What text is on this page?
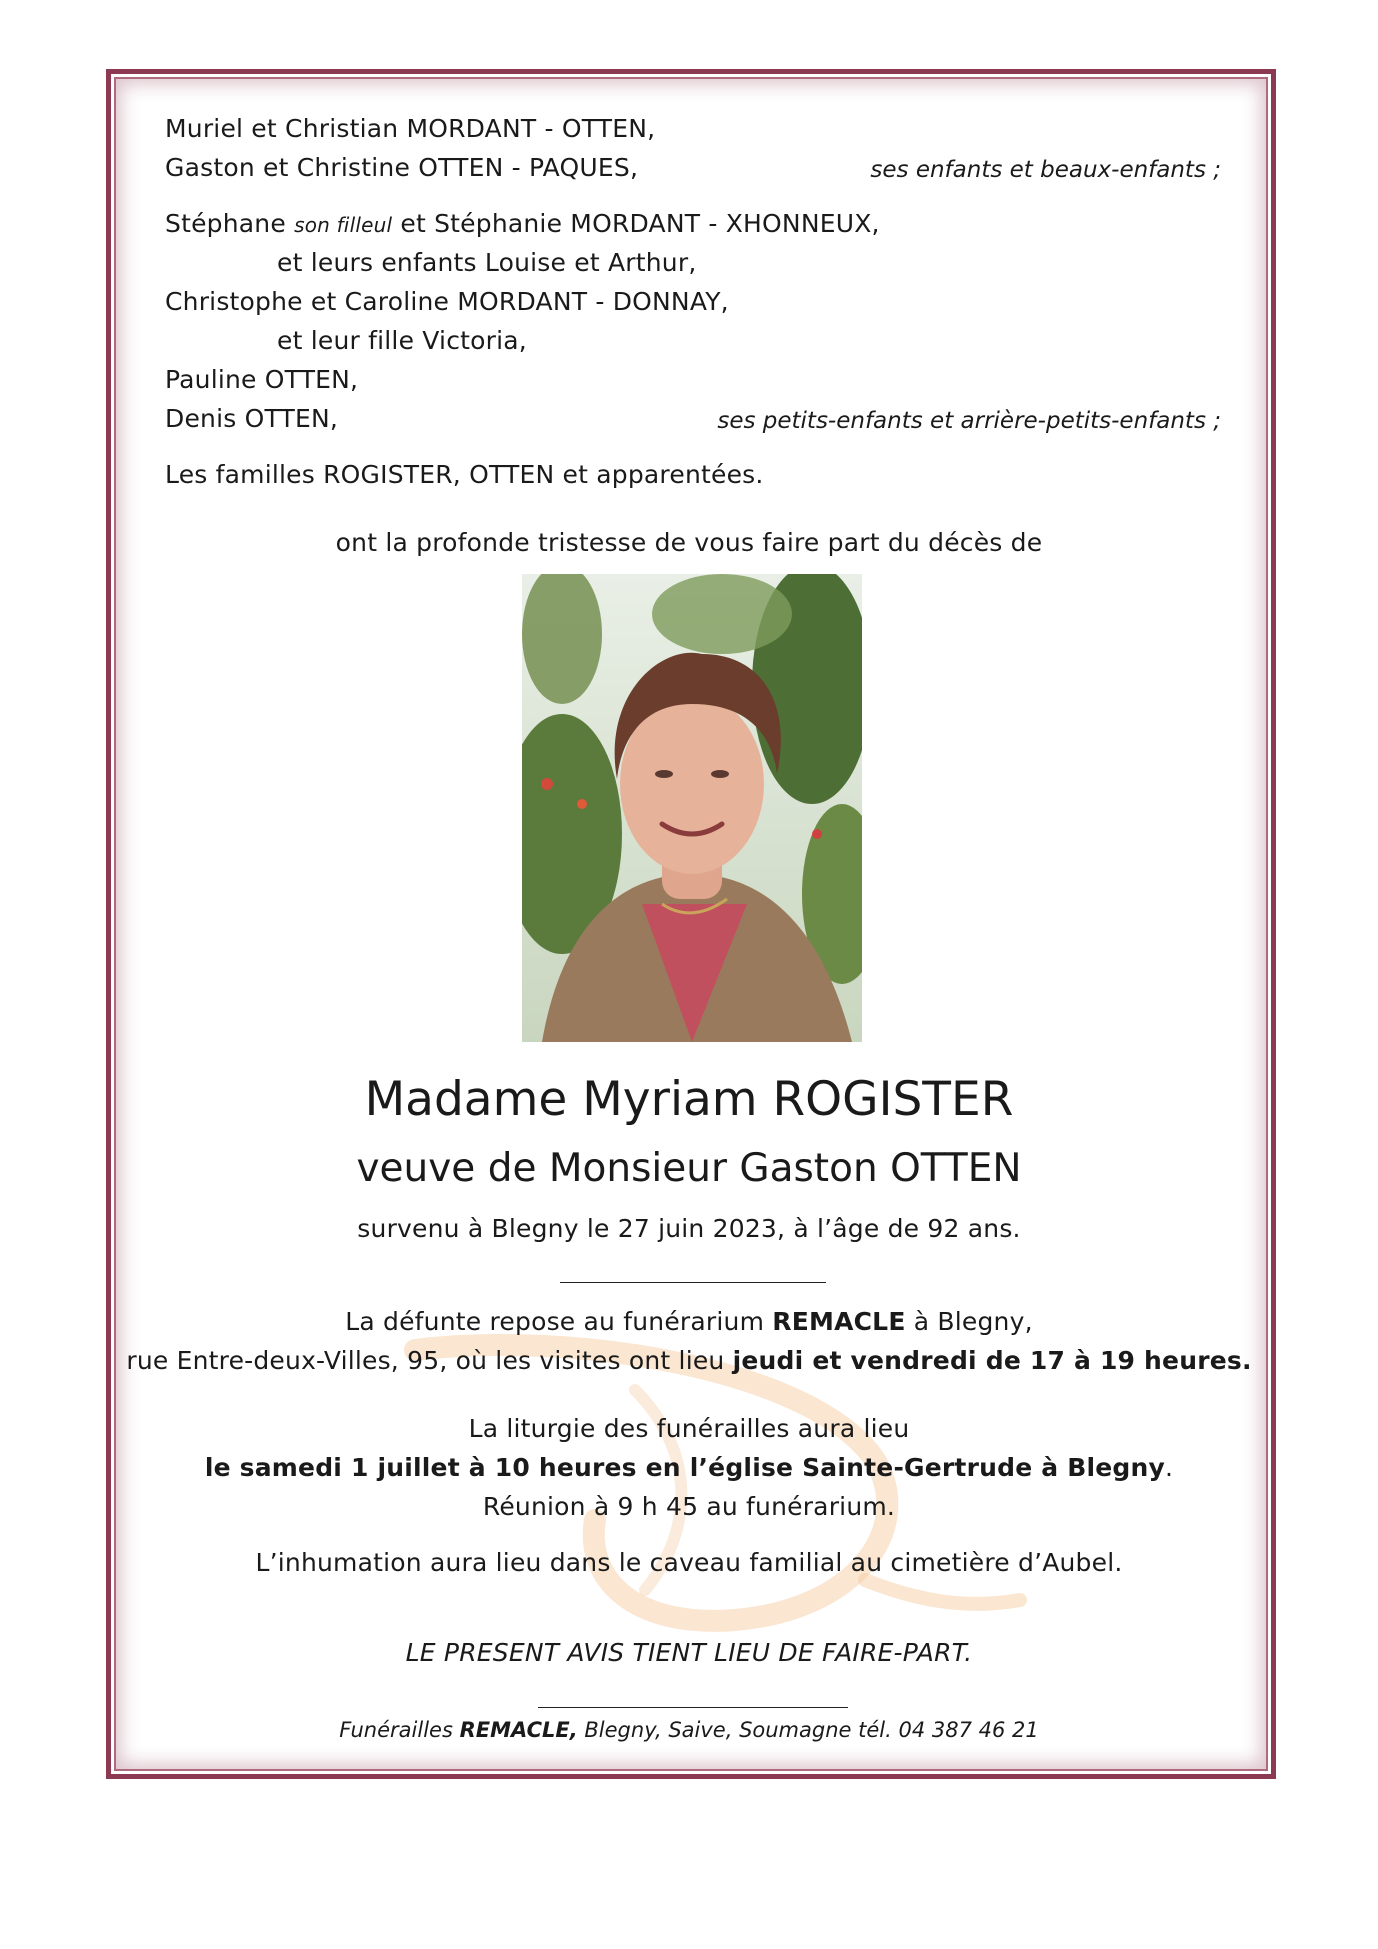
Muriel et Christian MORDANT - OTTEN,
Gaston et Christine OTTEN - PAQUES,	ses enfants et beaux-enfants ;
Stéphane son filleul et Stéphanie MORDANT - XHONNEUX,
et leurs enfants Louise et Arthur,
Christophe et Caroline MORDANT - DONNAY,
et leur fille Victoria,
Pauline OTTEN,
Denis OTTEN,	ses petits-enfants et arrière-petits-enfants ;
Les familles ROGISTER, OTTEN et apparentées.
ont la profonde tristesse de vous faire part du décès de
Madame Myriam ROGISTER
veuve de Monsieur Gaston OTTEN
survenu à Blegny le 27 juin 2023, à l’âge de 92 ans.
La défunte repose au funérarium REMACLE à Blegny,
rue Entre-deux-Villes, 95, où les visites ont lieu jeudi et vendredi de 17 à 19 heures.
La liturgie des funérailles aura lieu
le samedi 1 juillet à 10 heures en l’église Sainte-Gertrude à Blegny.
Réunion à 9 h 45 au funérarium.
L’inhumation aura lieu dans le caveau familial au cimetière d’Aubel.
LE PRESENT AVIS TIENT LIEU DE FAIRE-PART.
Funérailles REMACLE, Blegny, Saive, Soumagne tél. 04 387 46 21
